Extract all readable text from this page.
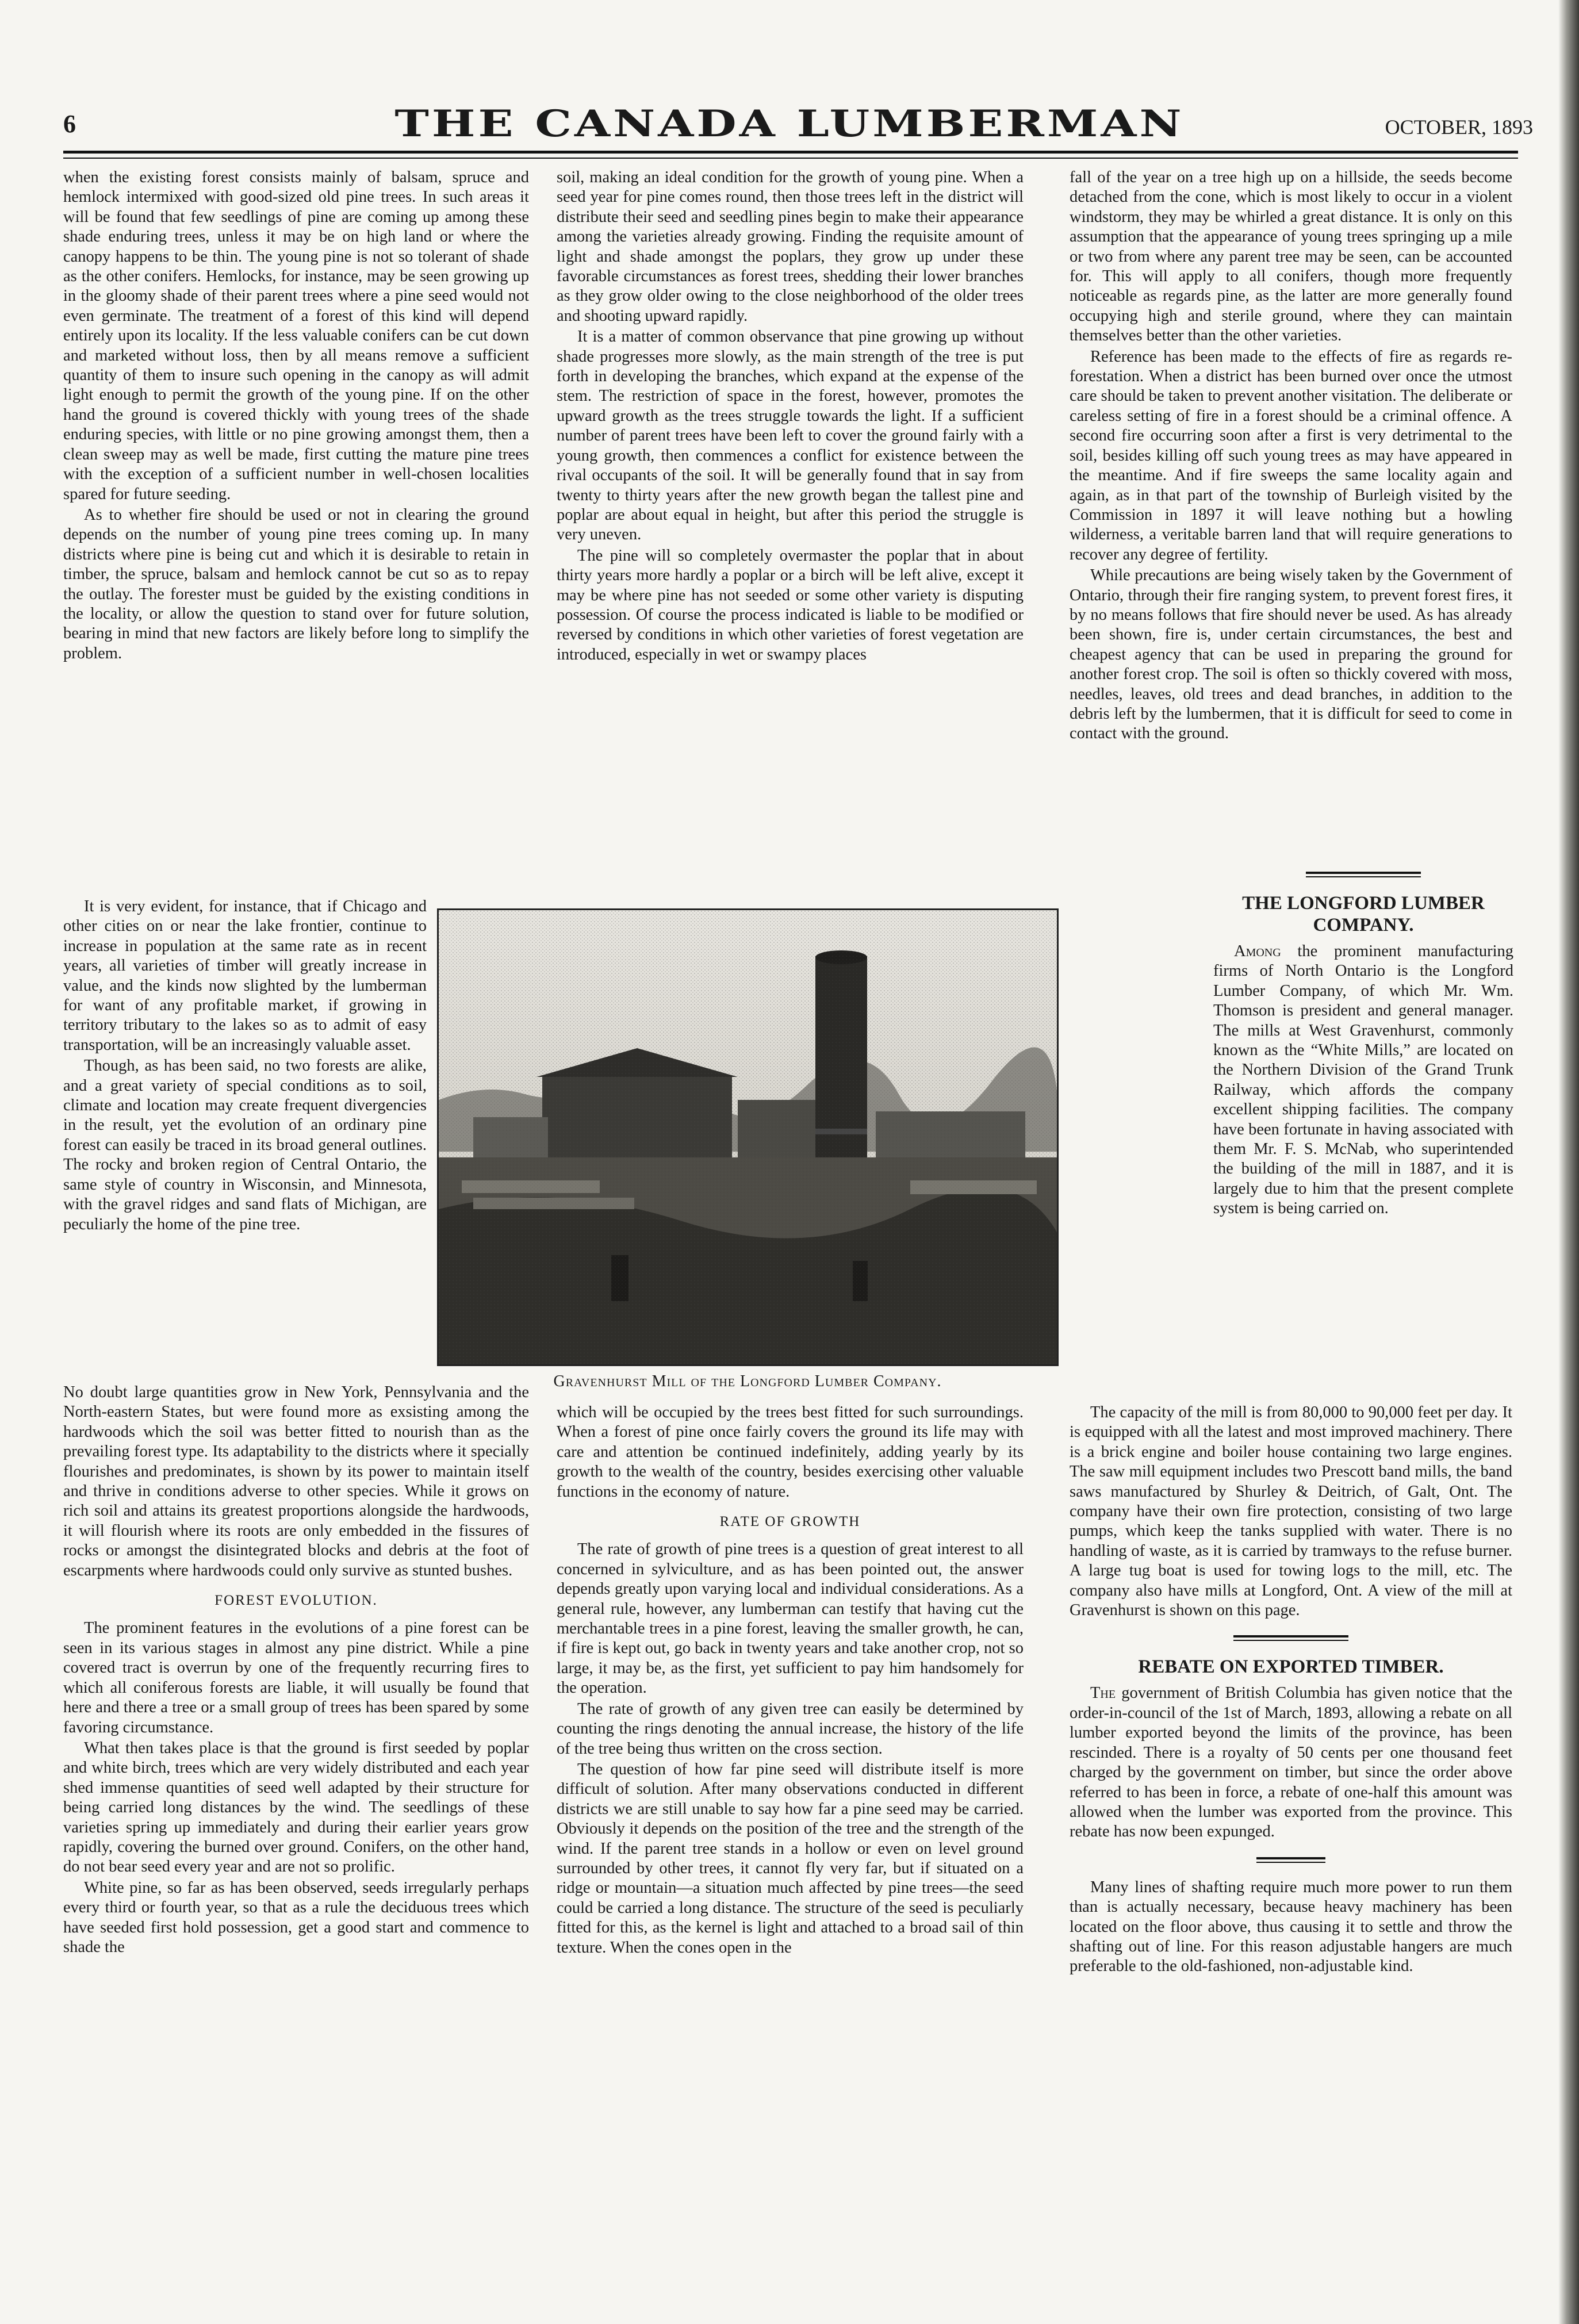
6	THE CANADA LUMBERMAN	OCTOBER, 1893

when the existing forest consists mainly of balsam, spruce and hemlock intermixed with good-sized old pine trees. In such areas it will be found that few seedlings of pine are coming up among these shade enduring trees, unless it may be on high land or where the canopy happens to be thin. The young pine is not so tolerant of shade as the other conifers. Hemlocks, for instance, may be seen growing up in the gloomy shade of their parent trees where a pine seed would not even germinate. The treatment of a forest of this kind will depend entirely upon its locality. If the less valuable conifers can be cut down and marketed without loss, then by all means remove a sufficient quantity of them to insure such opening in the canopy as will admit light enough to permit the growth of the young pine. If on the other hand the ground is covered thickly with young trees of the shade enduring species, with little or no pine growing amongst them, then a clean sweep may as well be made, first cutting the mature pine trees with the exception of a sufficient number in well-chosen localities spared for future seeding.

As to whether fire should be used or not in clearing the ground depends on the number of young pine trees coming up. In many districts where pine is being cut and which it is desirable to retain in timber, the spruce, balsam and hemlock cannot be cut so as to repay the outlay. The forester must be guided by the existing conditions in the locality, or allow the question to stand over for future solution, bearing in mind that new factors are likely before long to simplify the problem.

It is very evident, for instance, that if Chicago and other cities on or near the lake frontier, continue to increase in population at the same rate as in recent years, all varieties of timber will greatly increase in value, and the kinds now slighted by the lumberman for want of any profitable market, if growing in territory tributary to the lakes so as to admit of easy transportation, will be an increasingly valuable asset.

Though, as has been said, no two forests are alike, and a great variety of special conditions as to soil, climate and location may create frequent divergencies in the result, yet the evolution of an ordinary pine forest can easily be traced in its broad general outlines. The rocky and broken region of Central Ontario, the same style of country in Wisconsin, and Minnesota, with the gravel ridges and sand flats of Michigan, are peculiarly the home of the pine tree.

No doubt large quantities grow in New York, Pennsylvania and the North-eastern States, but were found more as exsisting among the hardwoods which the soil was better fitted to nourish than as the prevailing forest type. Its adaptability to the districts where it specially flourishes and predominates, is shown by its power to maintain itself and thrive in conditions adverse to other species. While it grows on rich soil and attains its greatest proportions alongside the hardwoods, it will flourish where its roots are only embedded in the fissures of rocks or amongst the disintegrated blocks and debris at the foot of escarpments where hardwoods could only survive as stunted bushes.

FOREST EVOLUTION.

The prominent features in the evolutions of a pine forest can be seen in its various stages in almost any pine district. While a pine covered tract is overrun by one of the frequently recurring fires to which all coniferous forests are liable, it will usually be found that here and there a tree or a small group of trees has been spared by some favoring circumstance.

What then takes place is that the ground is first seeded by poplar and white birch, trees which are very widely distributed and each year shed immense quantities of seed well adapted by their structure for being carried long distances by the wind. The seedlings of these varieties spring up immediately and during their earlier years grow rapidly, covering the burned over ground. Conifers, on the other hand, do not bear seed every year and are not so prolific.

White pine, so far as has been observed, seeds irregularly perhaps every third or fourth year, so that as a rule the deciduous trees which have seeded first hold possession, get a good start and commence to shade the

soil, making an ideal condition for the growth of young pine. When a seed year for pine comes round, then those trees left in the district will distribute their seed and seedling pines begin to make their appearance among the varieties already growing. Finding the requisite amount of light and shade amongst the poplars, they grow up under these favorable circumstances as forest trees, shedding their lower branches as they grow older owing to the close neighborhood of the older trees and shooting upward rapidly.

It is a matter of common observance that pine growing up without shade progresses more slowly, as the main strength of the tree is put forth in developing the branches, which expand at the expense of the stem. The restriction of space in the forest, however, promotes the upward growth as the trees struggle towards the light. If a sufficient number of parent trees have been left to cover the ground fairly with a young growth, then commences a conflict for existence between the rival occupants of the soil. It will be generally found that in say from twenty to thirty years after the new growth began the tallest pine and poplar are about equal in height, but after this period the struggle is very uneven.

The pine will so completely overmaster the poplar that in about thirty years more hardly a poplar or a birch will be left alive, except it may be where pine has not seeded or some other variety is disputing possession. Of course the process indicated is liable to be modified or reversed by conditions in which other varieties of forest vegetation are introduced, especially in wet or swampy places

which will be occupied by the trees best fitted for such surroundings. When a forest of pine once fairly covers the ground its life may with care and attention be continued indefinitely, adding yearly by its growth to the wealth of the country, besides exercising other valuable functions in the economy of nature.

RATE OF GROWTH

The rate of growth of pine trees is a question of great interest to all concerned in sylviculture, and as has been pointed out, the answer depends greatly upon varying local and individual considerations. As a general rule, however, any lumberman can testify that having cut the merchantable trees in a pine forest, leaving the smaller growth, he can, if fire is kept out, go back in twenty years and take another crop, not so large, it may be, as the first, yet sufficient to pay him handsomely for the operation.

The rate of growth of any given tree can easily be determined by counting the rings denoting the annual increase, the history of the life of the tree being thus written on the cross section.

The question of how far pine seed will distribute itself is more difficult of solution. After many observations conducted in different districts we are still unable to say how far a pine seed may be carried. Obviously it depends on the position of the tree and the strength of the wind. If the parent tree stands in a hollow or even on level ground surrounded by other trees, it cannot fly very far, but if situated on a ridge or mountain—a situation much affected by pine trees—the seed could be carried a long distance. The structure of the seed is peculiarly fitted for this, as the kernel is light and attached to a broad sail of thin texture. When the cones open in the

fall of the year on a tree high up on a hillside, the seeds become detached from the cone, which is most likely to occur in a violent windstorm, they may be whirled a great distance. It is only on this assumption that the appearance of young trees springing up a mile or two from where any parent tree may be seen, can be accounted for. This will apply to all conifers, though more frequently noticeable as regards pine, as the latter are more generally found occupying high and sterile ground, where they can maintain themselves better than the other varieties.

Reference has been made to the effects of fire as regards re-forestation. When a district has been burned over once the utmost care should be taken to prevent another visitation. The deliberate or careless setting of fire in a forest should be a criminal offence. A second fire occurring soon after a first is very detrimental to the soil, besides killing off such young trees as may have appeared in the meantime. And if fire sweeps the same locality again and again, as in that part of the township of Burleigh visited by the Commission in 1897 it will leave nothing but a howling wilderness, a veritable barren land that will require generations to recover any degree of fertility.

While precautions are being wisely taken by the Government of Ontario, through their fire ranging system, to prevent forest fires, it by no means follows that fire should never be used. As has already been shown, fire is, under certain circumstances, the best and cheapest agency that can be used in preparing the ground for another forest crop. The soil is often so thickly covered with moss, needles, leaves, old trees and dead branches, in addition to the debris left by the lumbermen, that it is difficult for seed to come in contact with the ground.

THE LONGFORD LUMBER COMPANY.

Among the prominent manufacturing firms of North Ontario is the Longford Lumber Company, of which Mr. Wm. Thomson is president and general manager. The mills at West Gravenhurst, commonly known as the “White Mills,” are located on the Northern Division of the Grand Trunk Railway, which affords the company excellent shipping facilities. The company have been fortunate in having associated with them Mr. F. S. McNab, who superintended the building of the mill in 1887, and it is largely due to him that the present complete system is being carried on.

The capacity of the mill is from 80,000 to 90,000 feet per day. It is equipped with all the latest and most improved machinery. There is a brick engine and boiler house containing two large engines. The saw mill equipment includes two Prescott band mills, the band saws manufactured by Shurley & Deitrich, of Galt, Ont. The company have their own fire protection, consisting of two large pumps, which keep the tanks supplied with water. There is no handling of waste, as it is carried by tramways to the refuse burner. A large tug boat is used for towing logs to the mill, etc. The company also have mills at Longford, Ont. A view of the mill at Gravenhurst is shown on this page.

REBATE ON EXPORTED TIMBER.

The government of British Columbia has given notice that the order-in-council of the 1st of March, 1893, allowing a rebate on all lumber exported beyond the limits of the province, has been rescinded. There is a royalty of 50 cents per one thousand feet charged by the government on timber, but since the order above referred to has been in force, a rebate of one-half this amount was allowed when the lumber was exported from the province. This rebate has now been expunged.

Many lines of shafting require much more power to run them than is actually necessary, because heavy machinery has been located on the floor above, thus causing it to settle and throw the shafting out of line. For this reason adjustable hangers are much preferable to the old-fashioned, non-adjustable kind.

Gravenhurst Mill of the Longford Lumber Company.
